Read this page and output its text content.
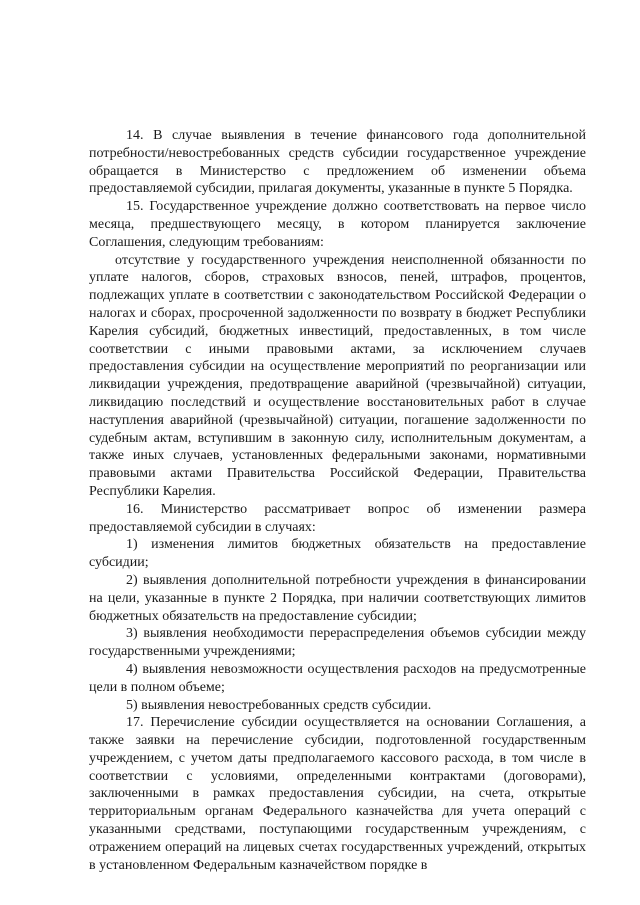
14. В случае выявления в течение финансового года дополнительной потребности/невостребованных средств субсидии государственное учреждение обращается в Министерство с предложением об изменении объема предоставляемой субсидии, прилагая документы, указанные в пункте 5 Порядка.

15. Государственное учреждение должно соответствовать на первое число месяца, предшествующего месяцу, в котором планируется заключение Соглашения, следующим требованиям:

отсутствие у государственного учреждения неисполненной обязанности по уплате налогов, сборов, страховых взносов, пеней, штрафов, процентов, подлежащих уплате в соответствии с законодательством Российской Федерации о налогах и сборах, просроченной задолженности по возврату в бюджет Республики Карелия субсидий, бюджетных инвестиций, предоставленных, в том числе соответствии с иными правовыми актами, за исключением случаев предоставления субсидии на осуществление мероприятий по реорганизации или ликвидации учреждения, предотвращение аварийной (чрезвычайной) ситуации, ликвидацию последствий и осуществление восстановительных работ в случае наступления аварийной (чрезвычайной) ситуации, погашение задолженности по судебным актам, вступившим в законную силу, исполнительным документам, а также иных случаев, установленных федеральными законами, нормативными правовыми актами Правительства Российской Федерации, Правительства Республики Карелия.

16. Министерство рассматривает вопрос об изменении размера предоставляемой субсидии в случаях:

1) изменения лимитов бюджетных обязательств на предоставление субсидии;

2) выявления дополнительной потребности учреждения в финансировании на цели, указанные в пункте 2 Порядка, при наличии соответствующих лимитов бюджетных обязательств на предоставление субсидии;

3) выявления необходимости перераспределения объемов субсидии между государственными учреждениями;

4) выявления невозможности осуществления расходов на предусмотренные цели в полном объеме;

5) выявления невостребованных средств субсидии.

17. Перечисление субсидии осуществляется на основании Соглашения, а также заявки на перечисление субсидии, подготовленной государственным учреждением, с учетом даты предполагаемого кассового расхода, в том числе в соответствии с условиями, определенными контрактами (договорами), заключенными в рамках предоставления субсидии, на счета, открытые территориальным органам Федерального казначейства для учета операций с указанными средствами, поступающими государственным учреждениям, с отражением операций на лицевых счетах государственных учреждений, открытых в установленном Федеральным казначейством порядке в
